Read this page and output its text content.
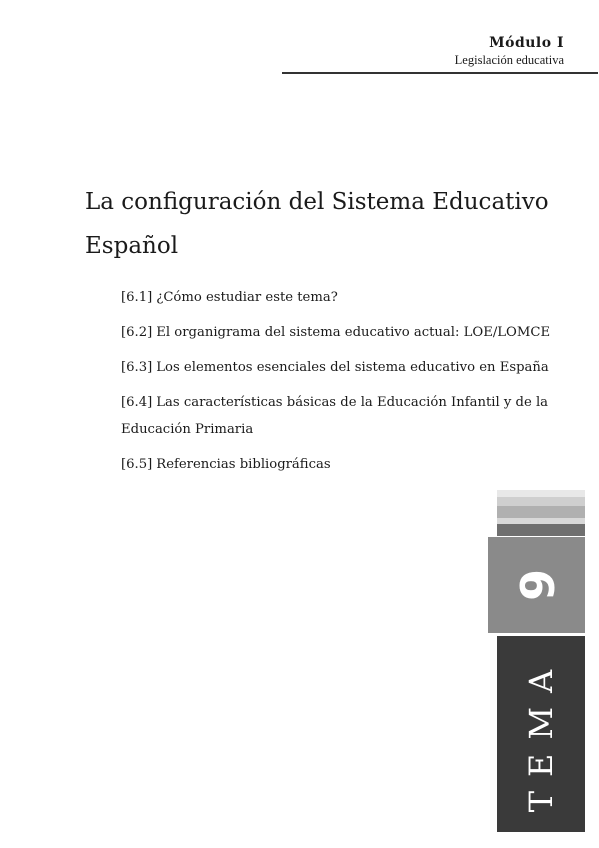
Módulo I
Legislación educativa
La configuración del Sistema Educativo Español
[6.1] ¿Cómo estudiar este tema?
[6.2] El organigrama del sistema educativo actual: LOE/LOMCE
[6.3] Los elementos esenciales del sistema educativo en España
[6.4] Las características básicas de la Educación Infantil y de la Educación Primaria
[6.5] Referencias bibliográficas
6
TEMA
